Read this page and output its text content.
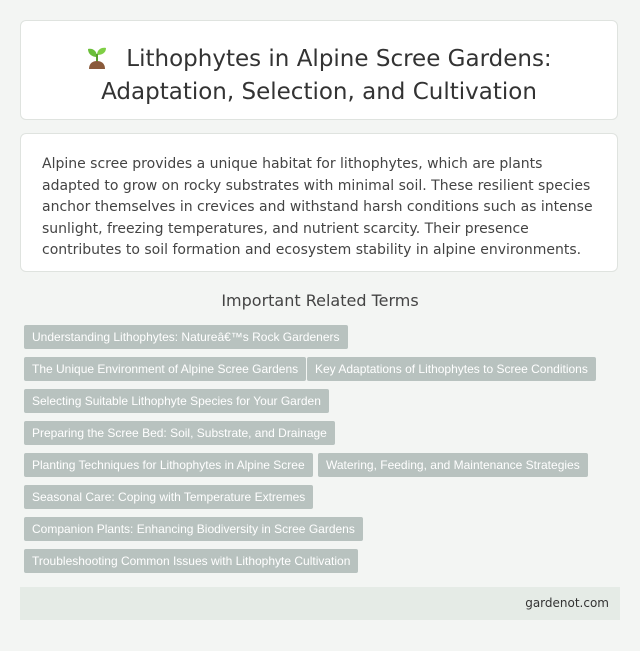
Lithophytes in Alpine Scree Gardens: Adaptation, Selection, and Cultivation

Alpine scree provides a unique habitat for lithophytes, which are plants adapted to grow on rocky substrates with minimal soil. These resilient species anchor themselves in crevices and withstand harsh conditions such as intense sunlight, freezing temperatures, and nutrient scarcity. Their presence contributes to soil formation and ecosystem stability in alpine environments.

Important Related Terms
Understanding Lithophytes: Natureâ€™s Rock Gardeners
The Unique Environment of Alpine Scree Gardens	Key Adaptations of Lithophytes to Scree Conditions
Selecting Suitable Lithophyte Species for Your Garden
Preparing the Scree Bed: Soil, Substrate, and Drainage
Planting Techniques for Lithophytes in Alpine Scree	Watering, Feeding, and Maintenance Strategies
Seasonal Care: Coping with Temperature Extremes
Companion Plants: Enhancing Biodiversity in Scree Gardens
Troubleshooting Common Issues with Lithophyte Cultivation
gardenot.com
